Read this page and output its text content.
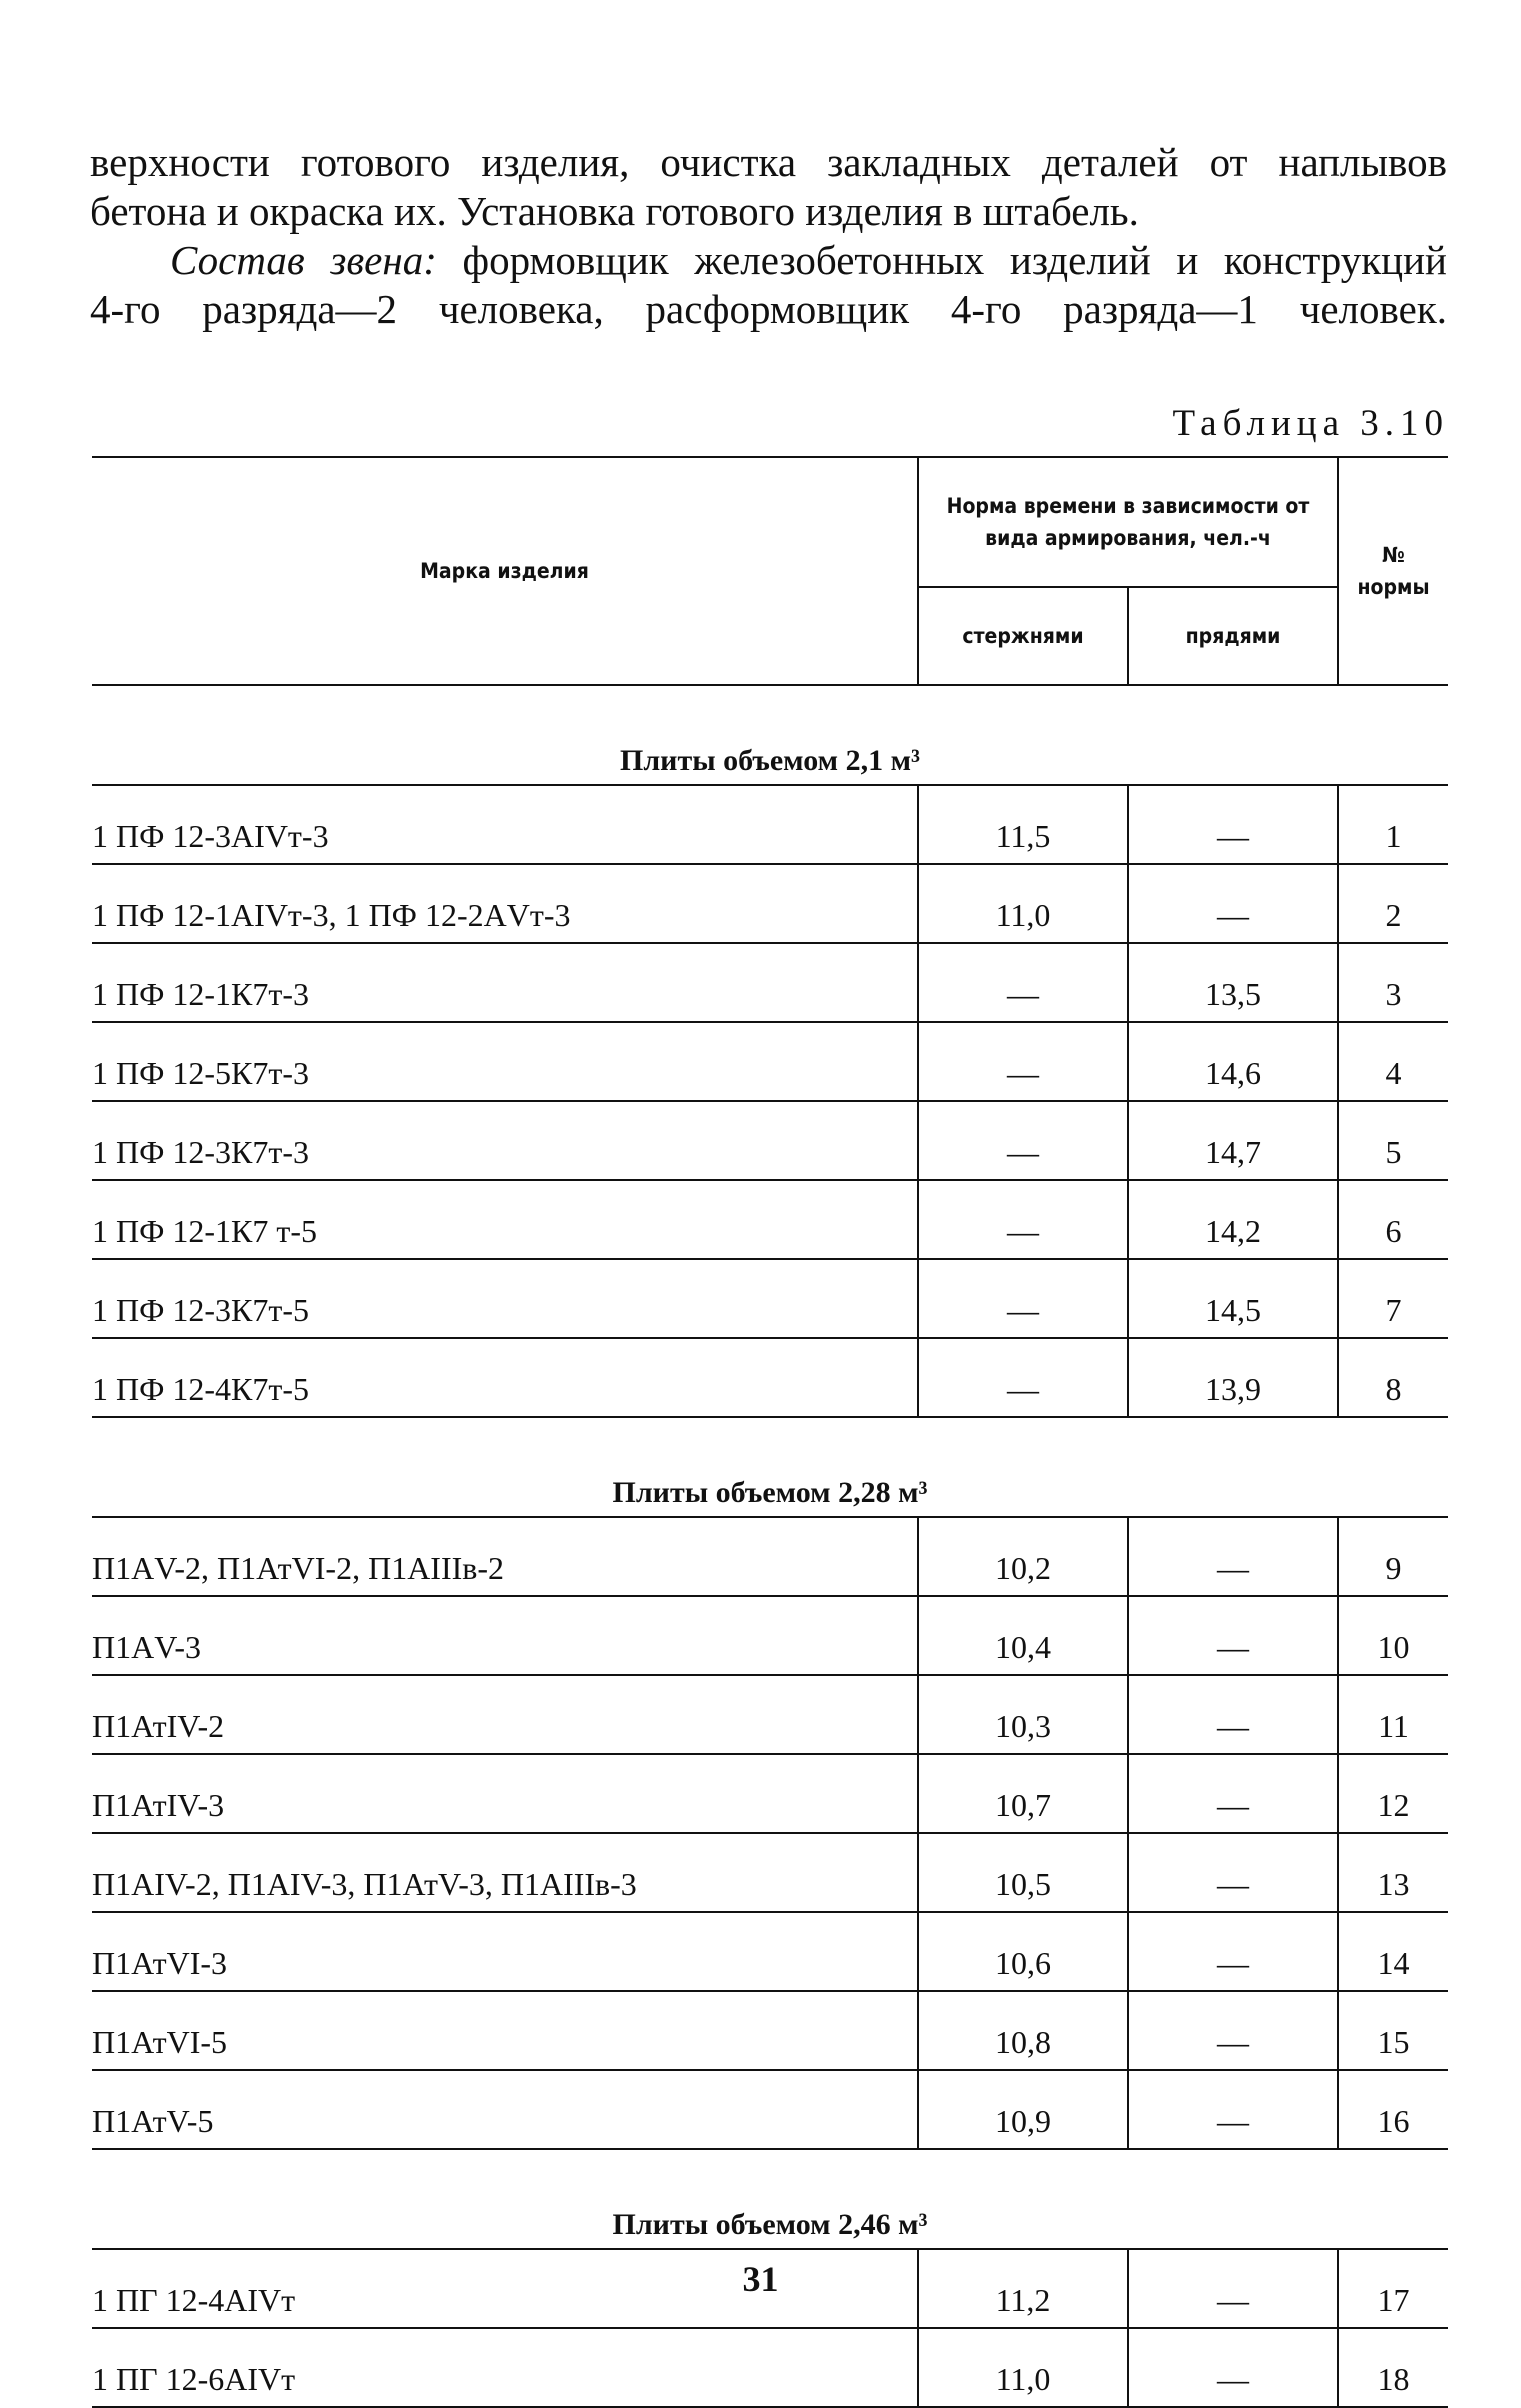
верхности готового изделия, очистка закладных деталей от наплывов

бетона и окраска их. Установка готового изделия в штабель.

Состав звена: формовщик железобетонных изделий и конструкций

4-го разряда—2 человека, расформовщик 4-го разряда—1 человек.

Таблица 3.10
Марка изделия	Норма времени в зависимости от вида армирования, чел.-ч		№ нормы
	стержнями	прядями	
Плиты объемом 2,1 м³			
1 ПФ 12-3АIVт-3	11,5	—	1
1 ПФ 12-1АIVт-3, 1 ПФ 12-2АVт-3	11,0	—	2
1 ПФ 12-1К7т-3	—	13,5	3
1 ПФ 12-5К7т-3	—	14,6	4
1 ПФ 12-3К7т-3	—	14,7	5
1 ПФ 12-1К7 т-5	—	14,2	6
1 ПФ 12-3К7т-5	—	14,5	7
1 ПФ 12-4К7т-5	—	13,9	8
Плиты объемом 2,28 м³			
П1АV-2, П1АтVI-2, П1АIIIв-2	10,2	—	9
П1АV-3	10,4	—	10
П1АтIV-2	10,3	—	11
П1АтIV-3	10,7	—	12
П1АIV-2, П1АIV-3, П1АтV-3, П1АIIIв-3	10,5	—	13
П1АтVI-3	10,6	—	14
П1АтVI-5	10,8	—	15
П1АтV-5	10,9	—	16
Плиты объемом 2,46 м³			
1 ПГ 12-4АIVт	11,2	—	17
1 ПГ 12-6АIVт	11,0	—	18
31
